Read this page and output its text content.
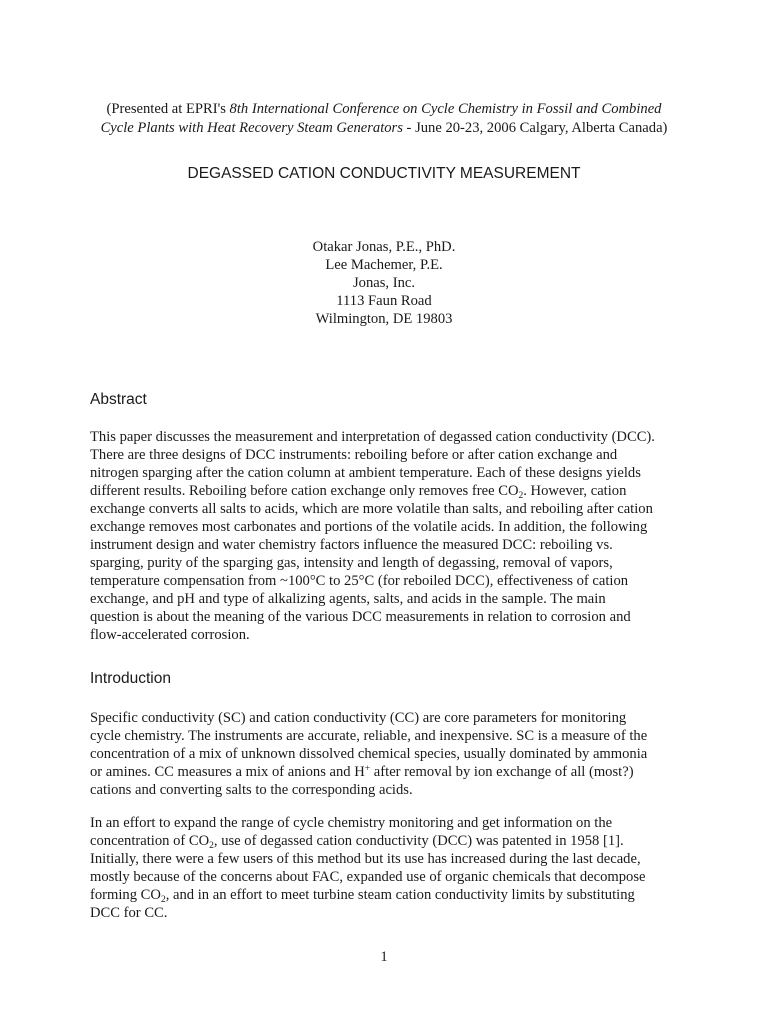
(Presented at EPRI's 8th International Conference on Cycle Chemistry in Fossil and Combined
Cycle Plants with Heat Recovery Steam Generators - June 20-23, 2006 Calgary, Alberta Canada)
DEGASSED CATION CONDUCTIVITY MEASUREMENT
Otakar Jonas, P.E., PhD.
Lee Machemer, P.E.
Jonas, Inc.
1113 Faun Road
Wilmington, DE 19803
Abstract
This paper discusses the measurement and interpretation of degassed cation conductivity (DCC).
There are three designs of DCC instruments: reboiling before or after cation exchange and
nitrogen sparging after the cation column at ambient temperature. Each of these designs yields
different results. Reboiling before cation exchange only removes free $CO_2$. However, cation
exchange converts all salts to acids, which are more volatile than salts, and reboiling after cation
exchange removes most carbonates and portions of the volatile acids. In addition, the following
instrument design and water chemistry factors influence the measured DCC: reboiling vs.
sparging, purity of the sparging gas, intensity and length of degassing, removal of vapors,
temperature compensation from ~100°C to 25°C (for reboiled DCC), effectiveness of cation
exchange, and pH and type of alkalizing agents, salts, and acids in the sample. The main
question is about the meaning of the various DCC measurements in relation to corrosion and
flow-accelerated corrosion.
Introduction
Specific conductivity (SC) and cation conductivity (CC) are core parameters for monitoring
cycle chemistry. The instruments are accurate, reliable, and inexpensive. SC is a measure of the
concentration of a mix of unknown dissolved chemical species, usually dominated by ammonia
or amines. CC measures a mix of anions and H+ after removal by ion exchange of all (most?)
cations and converting salts to the corresponding acids.
In an effort to expand the range of cycle chemistry monitoring and get information on the
concentration of $CO_2$, use of degassed cation conductivity (DCC) was patented in 1958 [1].
Initially, there were a few users of this method but its use has increased during the last decade,
mostly because of the concerns about FAC, expanded use of organic chemicals that decompose
forming $CO_2$, and in an effort to meet turbine steam cation conductivity limits by substituting
DCC for CC.
1
